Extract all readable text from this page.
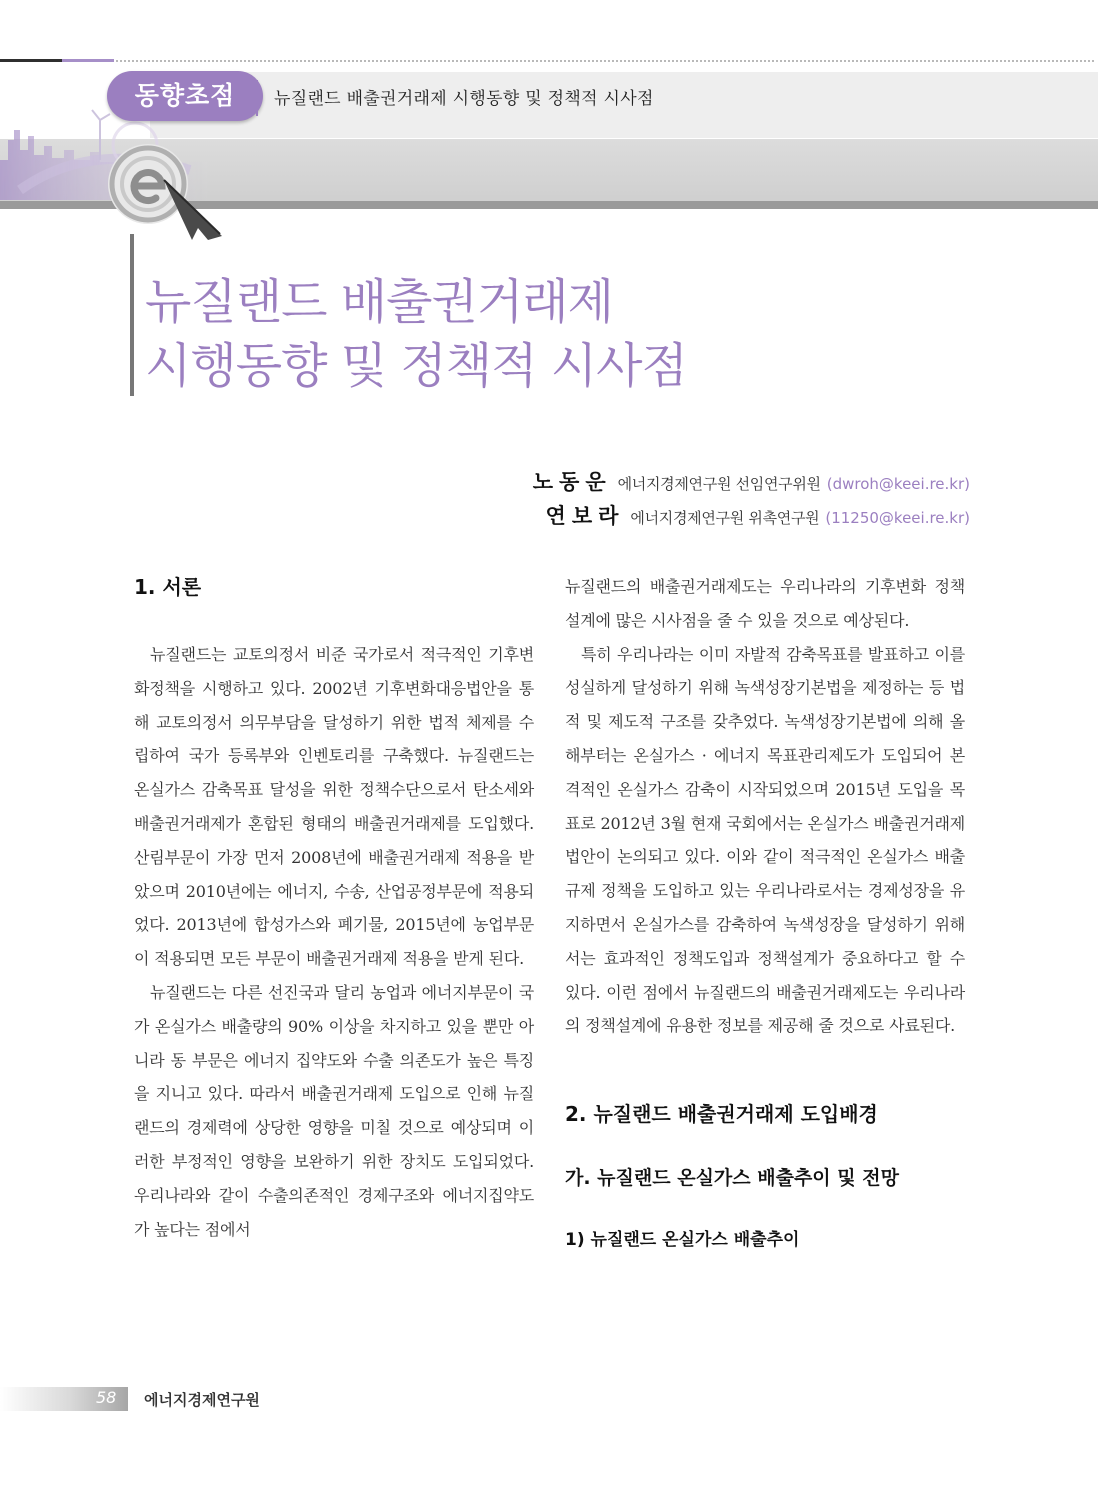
동향초점	뉴질랜드 배출권거래제 시행동향 및 정책적 시사점
뉴질랜드 배출권거래제
시행동향 및 정책적 시사점
노동운 에너지경제연구원 선임연구위원 (dwroh@keei.re.kr)
연보라 에너지경제연구원 위촉연구원 (11250@keei.re.kr)
1. 서론

뉴질랜드는 교토의정서 비준 국가로서 적극적인 기후변화정책을 시행하고 있다. 2002년 기후변화대응법안을 통해 교토의정서 의무부담을 달성하기 위한 법적 체제를 수립하여 국가 등록부와 인벤토리를 구축했다. 뉴질랜드는 온실가스 감축목표 달성을 위한 정책수단으로서 탄소세와 배출권거래제가 혼합된 형태의 배출권거래제를 도입했다. 산림부문이 가장 먼저 2008년에 배출권거래제 적용을 받았으며 2010년에는 에너지, 수송, 산업공정부문에 적용되었다. 2013년에 합성가스와 폐기물, 2015년에 농업부문이 적용되면 모든 부문이 배출권거래제 적용을 받게 된다.

뉴질랜드는 다른 선진국과 달리 농업과 에너지부문이 국가 온실가스 배출량의 90% 이상을 차지하고 있을 뿐만 아니라 동 부문은 에너지 집약도와 수출 의존도가 높은 특징을 지니고 있다. 따라서 배출권거래제 도입으로 인해 뉴질랜드의 경제력에 상당한 영향을 미칠 것으로 예상되며 이러한 부정적인 영향을 보완하기 위한 장치도 도입되었다. 우리나라와 같이 수출의존적인 경제구조와 에너지집약도가 높다는 점에서

뉴질랜드의 배출권거래제도는 우리나라의 기후변화 정책설계에 많은 시사점을 줄 수 있을 것으로 예상된다.

특히 우리나라는 이미 자발적 감축목표를 발표하고 이를 성실하게 달성하기 위해 녹색성장기본법을 제정하는 등 법적 및 제도적 구조를 갖추었다. 녹색성장기본법에 의해 올해부터는 온실가스 · 에너지 목표관리제도가 도입되어 본격적인 온실가스 감축이 시작되었으며 2015년 도입을 목표로 2012년 3월 현재 국회에서는 온실가스 배출권거래제 법안이 논의되고 있다. 이와 같이 적극적인 온실가스 배출규제 정책을 도입하고 있는 우리나라로서는 경제성장을 유지하면서 온실가스를 감축하여 녹색성장을 달성하기 위해서는 효과적인 정책도입과 정책설계가 중요하다고 할 수 있다. 이런 점에서 뉴질랜드의 배출권거래제도는 우리나라의 정책설계에 유용한 정보를 제공해 줄 것으로 사료된다.

2. 뉴질랜드 배출권거래제 도입배경
가. 뉴질랜드 온실가스 배출추이 및 전망
1) 뉴질랜드 온실가스 배출추이
58 에너지경제연구원
